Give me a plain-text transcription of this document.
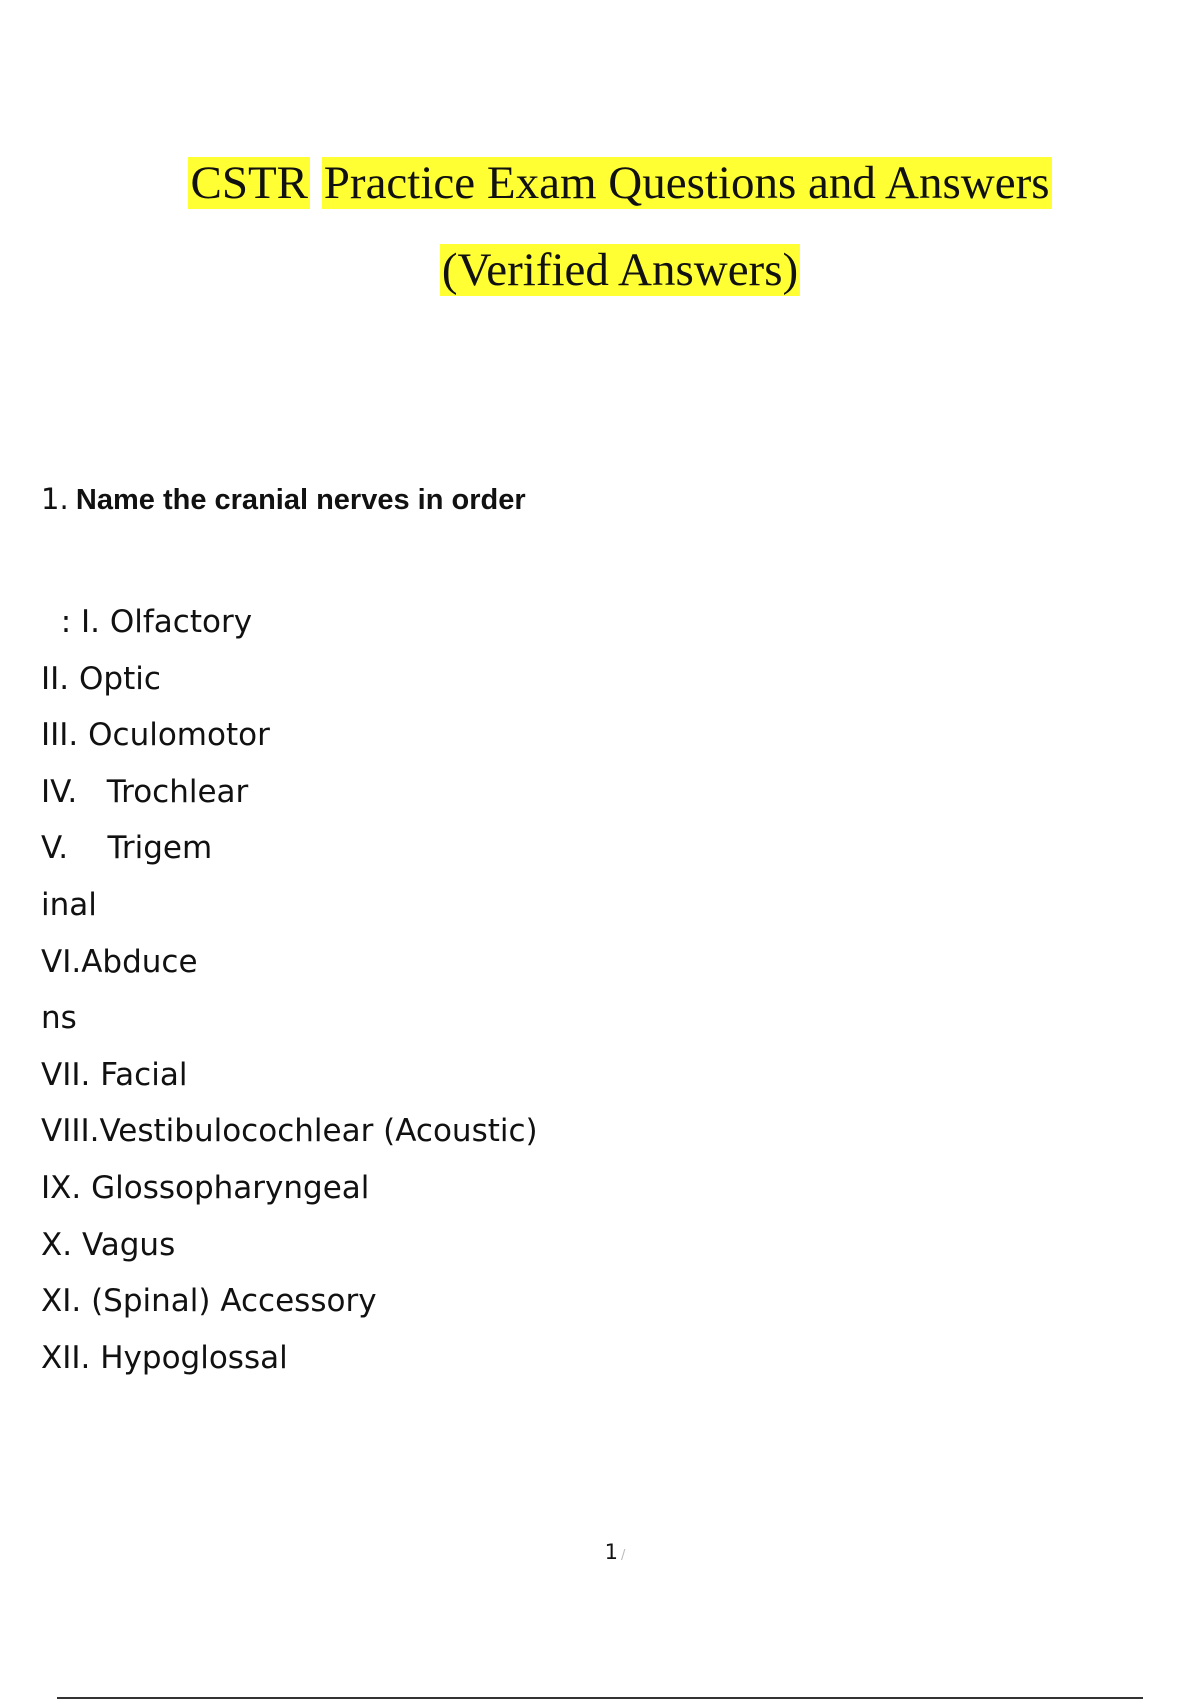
CSTR Practice Exam Questions and Answers
(Verified Answers)
1. Name the cranial nerves in order
: I. Olfactory
II. Optic
III. Oculomotor
IV.   Trochlear
V.    Trigem
inal
VI.Abduce
ns
VII. Facial
VIII.Vestibulocochlear (Acoustic)
IX. Glossopharyngeal
X. Vagus
XI. (Spinal) Accessory
XII. Hypoglossal
1 /
